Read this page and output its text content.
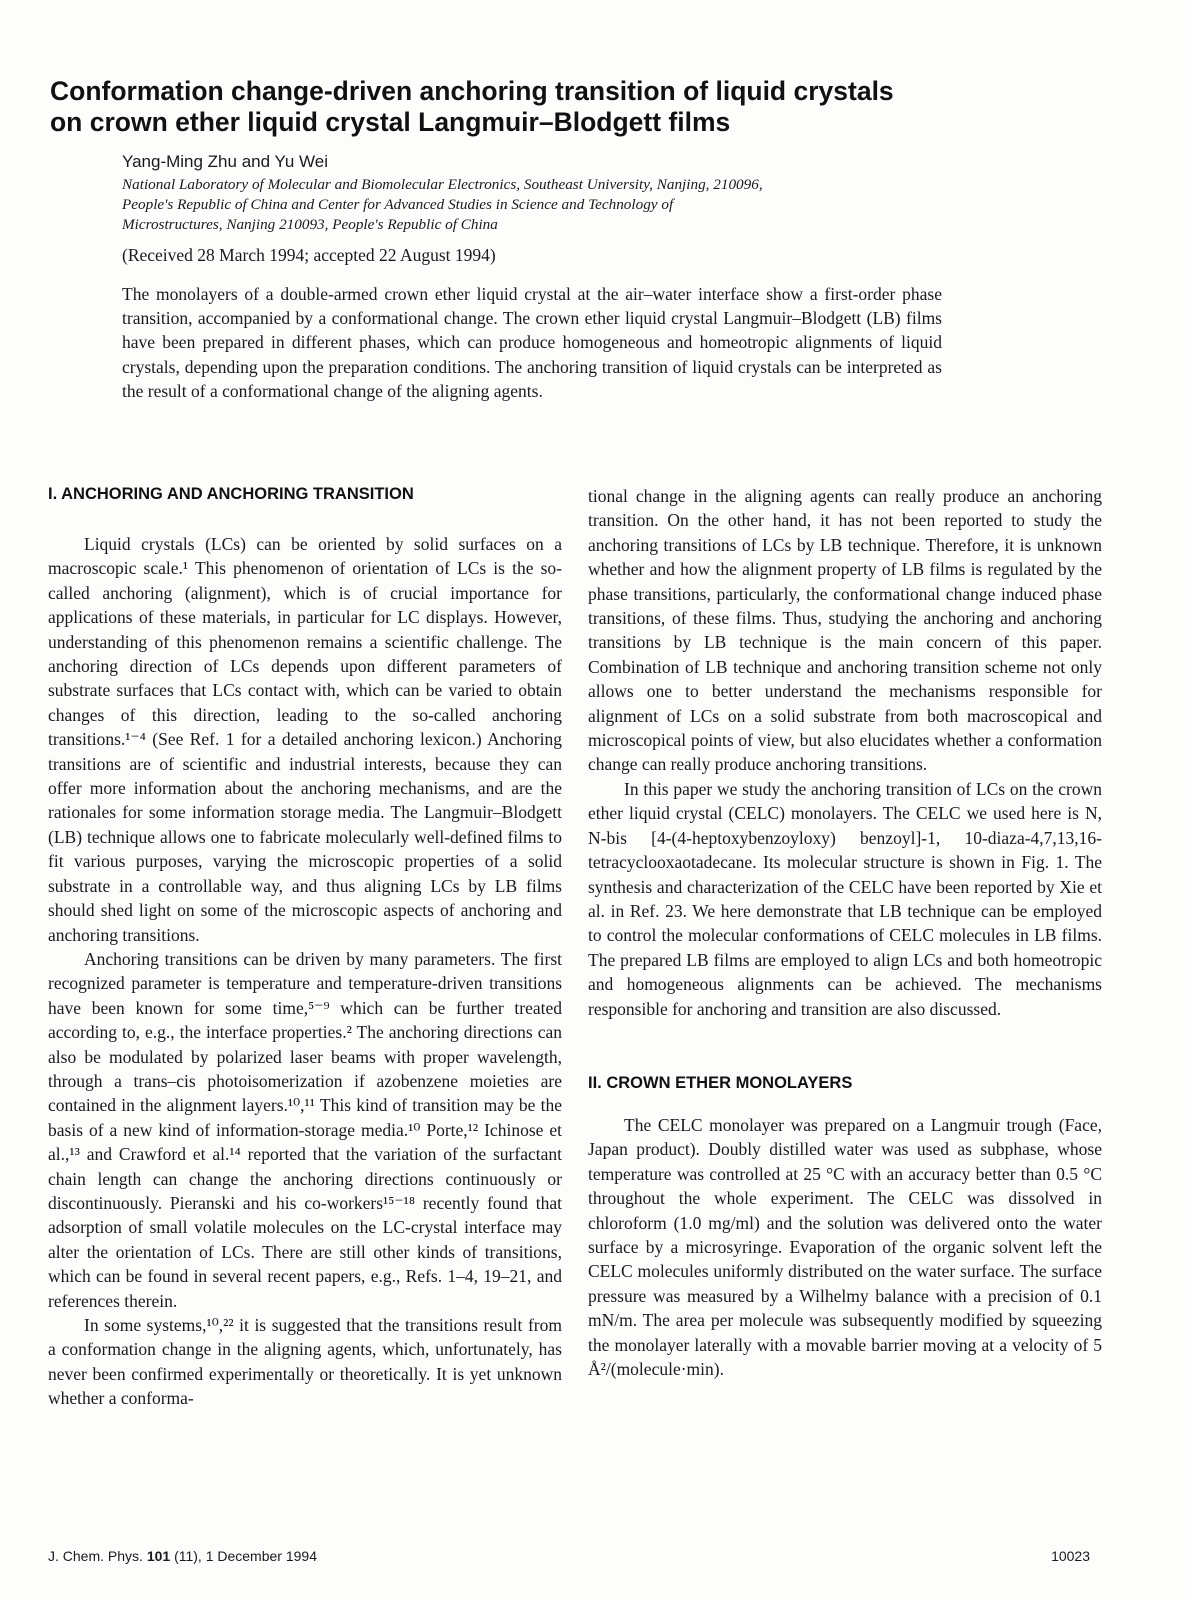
Conformation change-driven anchoring transition of liquid crystals
on crown ether liquid crystal Langmuir–Blodgett films
Yang-Ming Zhu and Yu Wei
National Laboratory of Molecular and Biomolecular Electronics, Southeast University, Nanjing, 210096,
People's Republic of China and Center for Advanced Studies in Science and Technology of
Microstructures, Nanjing 210093, People's Republic of China
(Received 28 March 1994; accepted 22 August 1994)

The monolayers of a double-armed crown ether liquid crystal at the air–water interface show a first-order phase transition, accompanied by a conformational change. The crown ether liquid crystal Langmuir–Blodgett (LB) films have been prepared in different phases, which can produce homogeneous and homeotropic alignments of liquid crystals, depending upon the preparation conditions. The anchoring transition of liquid crystals can be interpreted as the result of a conformational change of the aligning agents.

I. ANCHORING AND ANCHORING TRANSITION

Liquid crystals (LCs) can be oriented by solid surfaces on a macroscopic scale.¹ This phenomenon of orientation of LCs is the so-called anchoring (alignment), which is of crucial importance for applications of these materials, in particular for LC displays. However, understanding of this phenomenon remains a scientific challenge. The anchoring direction of LCs depends upon different parameters of substrate surfaces that LCs contact with, which can be varied to obtain changes of this direction, leading to the so-called anchoring transitions.¹⁻⁴ (See Ref. 1 for a detailed anchoring lexicon.) Anchoring transitions are of scientific and industrial interests, because they can offer more information about the anchoring mechanisms, and are the rationales for some information storage media. The Langmuir–Blodgett (LB) technique allows one to fabricate molecularly well-defined films to fit various purposes, varying the microscopic properties of a solid substrate in a controllable way, and thus aligning LCs by LB films should shed light on some of the microscopic aspects of anchoring and anchoring transitions.

Anchoring transitions can be driven by many parameters. The first recognized parameter is temperature and temperature-driven transitions have been known for some time,⁵⁻⁹ which can be further treated according to, e.g., the interface properties.² The anchoring directions can also be modulated by polarized laser beams with proper wavelength, through a trans–cis photoisomerization if azobenzene moieties are contained in the alignment layers.¹⁰,¹¹ This kind of transition may be the basis of a new kind of information-storage media.¹⁰ Porte,¹² Ichinose et al.,¹³ and Crawford et al.¹⁴ reported that the variation of the surfactant chain length can change the anchoring directions continuously or discontinuously. Pieranski and his co-workers¹⁵⁻¹⁸ recently found that adsorption of small volatile molecules on the LC-crystal interface may alter the orientation of LCs. There are still other kinds of transitions, which can be found in several recent papers, e.g., Refs. 1–4, 19–21, and references therein.

In some systems,¹⁰,²² it is suggested that the transitions result from a conformation change in the aligning agents, which, unfortunately, has never been confirmed experimentally or theoretically. It is yet unknown whether a conforma-

tional change in the aligning agents can really produce an anchoring transition. On the other hand, it has not been reported to study the anchoring transitions of LCs by LB technique. Therefore, it is unknown whether and how the alignment property of LB films is regulated by the phase transitions, particularly, the conformational change induced phase transitions, of these films. Thus, studying the anchoring and anchoring transitions by LB technique is the main concern of this paper. Combination of LB technique and anchoring transition scheme not only allows one to better understand the mechanisms responsible for alignment of LCs on a solid substrate from both macroscopical and microscopical points of view, but also elucidates whether a conformation change can really produce anchoring transitions.

In this paper we study the anchoring transition of LCs on the crown ether liquid crystal (CELC) monolayers. The CELC we used here is N, N-bis [4-(4-heptoxybenzoyloxy) benzoyl]-1, 10-diaza-4,7,13,16-tetracyclooxaotadecane. Its molecular structure is shown in Fig. 1. The synthesis and characterization of the CELC have been reported by Xie et al. in Ref. 23. We here demonstrate that LB technique can be employed to control the molecular conformations of CELC molecules in LB films. The prepared LB films are employed to align LCs and both homeotropic and homogeneous alignments can be achieved. The mechanisms responsible for anchoring and transition are also discussed.

II. CROWN ETHER MONOLAYERS

The CELC monolayer was prepared on a Langmuir trough (Face, Japan product). Doubly distilled water was used as subphase, whose temperature was controlled at 25 °C with an accuracy better than 0.5 °C throughout the whole experiment. The CELC was dissolved in chloroform (1.0 mg/ml) and the solution was delivered onto the water surface by a microsyringe. Evaporation of the organic solvent left the CELC molecules uniformly distributed on the water surface. The surface pressure was measured by a Wilhelmy balance with a precision of 0.1 mN/m. The area per molecule was subsequently modified by squeezing the monolayer laterally with a movable barrier moving at a velocity of 5 Å²/(molecule·min).

J. Chem. Phys. 101 (11), 1 December 1994	10023
